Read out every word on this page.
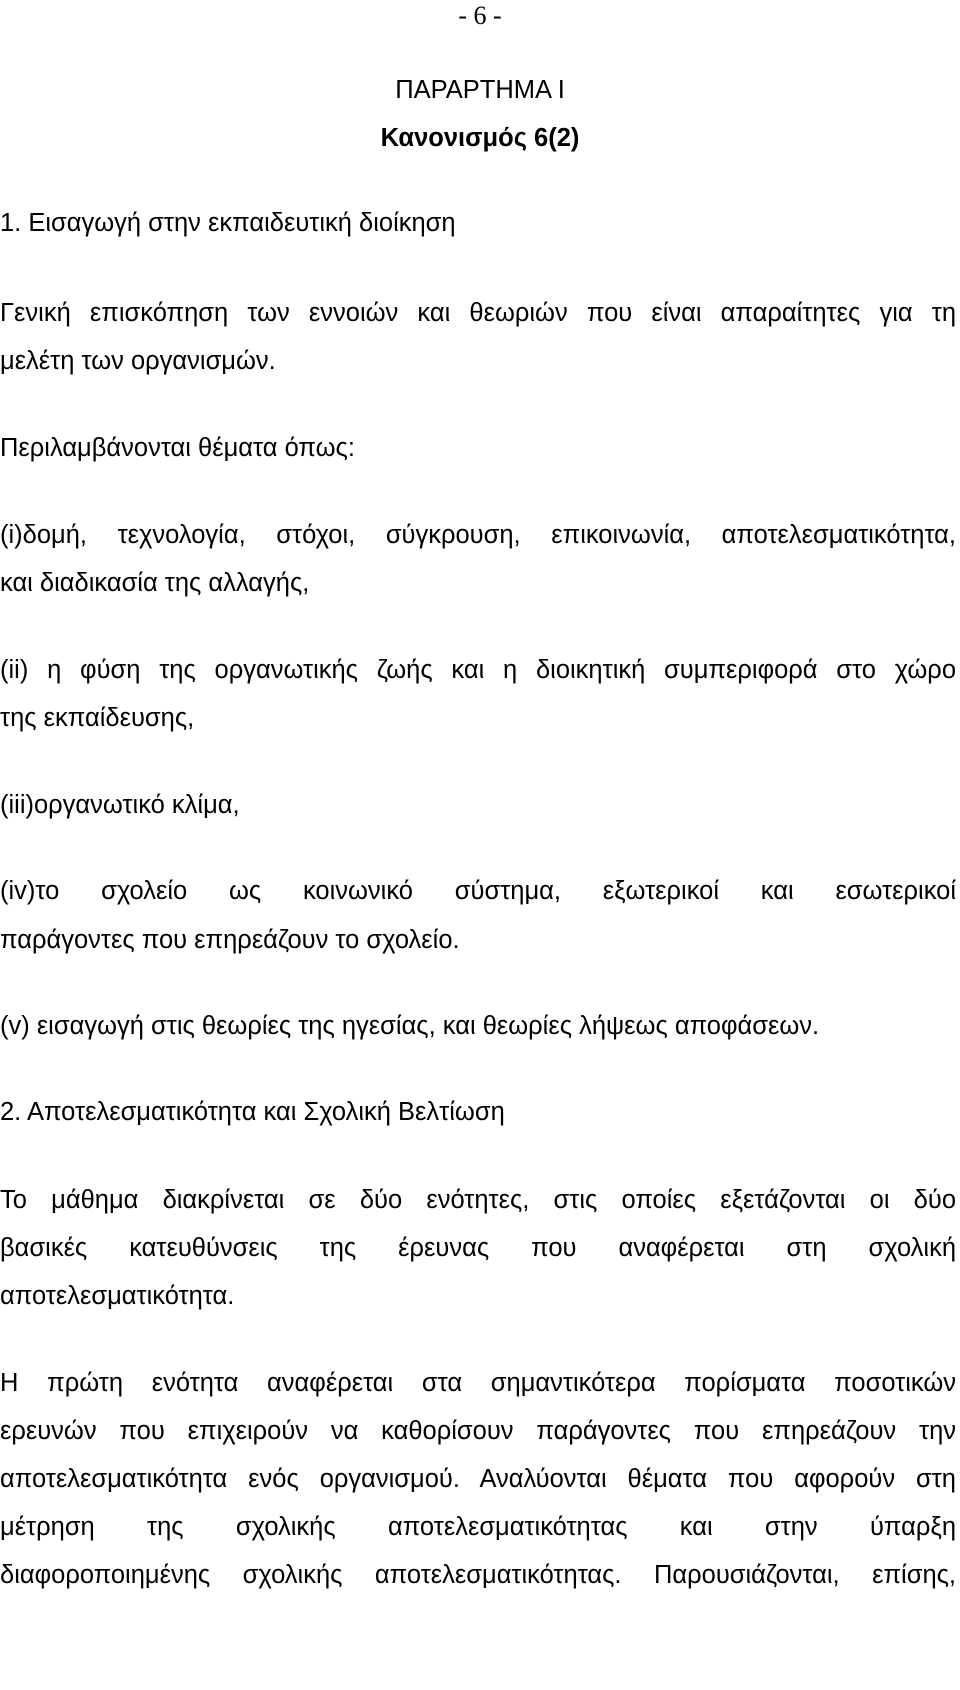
- 6 -
ΠΑΡΑΡΤΗΜΑ Ι
Κανονισμός 6(2)
1. Εισαγωγή στην εκπαιδευτική διοίκηση
Γενική επισκόπηση των εννοιών και θεωριών που είναι απαραίτητες για τη
μελέτη των οργανισμών.
Περιλαμβάνονται θέματα όπως:
(i)δομή, τεχνολογία, στόχοι, σύγκρουση, επικοινωνία, αποτελεσματικότητα,
και διαδικασία της αλλαγής,
(ii) η φύση της οργανωτικής ζωής και η διοικητική συμπεριφορά στο χώρο
της εκπαίδευσης,
(iii)οργανωτικό κλίμα,
(iv)το σχολείο ως κοινωνικό σύστημα, εξωτερικοί και εσωτερικοί
παράγοντες που επηρεάζουν το σχολείο.
(v) εισαγωγή στις θεωρίες της ηγεσίας, και θεωρίες λήψεως αποφάσεων.
2. Αποτελεσματικότητα και Σχολική Βελτίωση
Το μάθημα διακρίνεται σε δύο ενότητες, στις οποίες εξετάζονται οι δύο
βασικές κατευθύνσεις της έρευνας που αναφέρεται στη σχολική
αποτελεσματικότητα.
Η πρώτη ενότητα αναφέρεται στα σημαντικότερα πορίσματα ποσοτικών
ερευνών που επιχειρούν να καθορίσουν παράγοντες που επηρεάζουν την
αποτελεσματικότητα ενός οργανισμού. Αναλύονται θέματα που αφορούν στη
μέτρηση της σχολικής αποτελεσματικότητας και στην ύπαρξη
διαφοροποιημένης σχολικής αποτελεσματικότητας. Παρουσιάζονται, επίσης,
